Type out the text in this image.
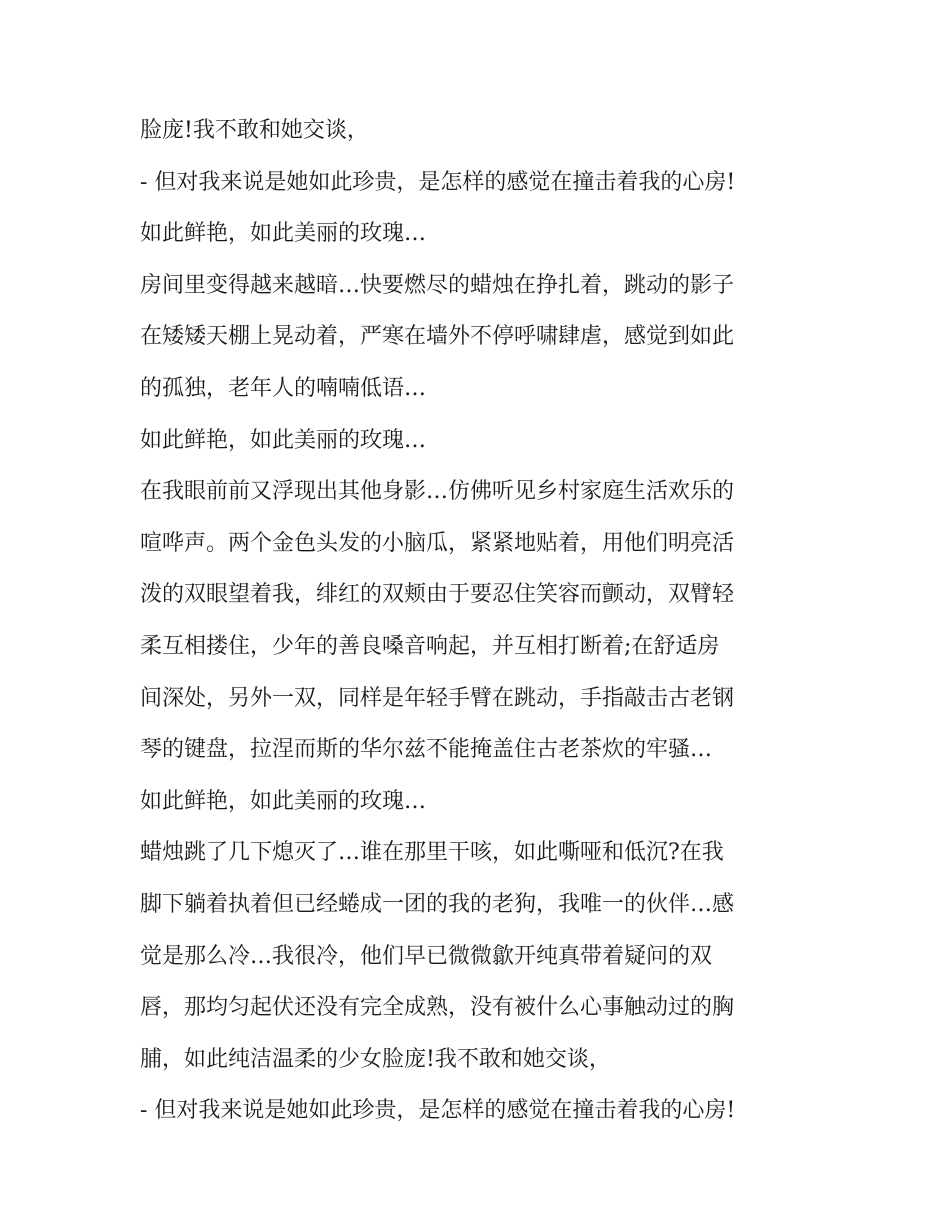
脸庞!我不敢和她交谈，
- 但对我来说是她如此珍贵，是怎样的感觉在撞击着我的心房!
如此鲜艳，如此美丽的玫瑰…
房间里变得越来越暗…快要燃尽的蜡烛在挣扎着，跳动的影子
在矮矮天棚上晃动着，严寒在墙外不停呼啸肆虐，感觉到如此
的孤独，老年人的喃喃低语…
如此鲜艳，如此美丽的玫瑰…
在我眼前前又浮现出其他身影…仿佛听见乡村家庭生活欢乐的
喧哗声。两个金色头发的小脑瓜，紧紧地贴着，用他们明亮活
泼的双眼望着我，绯红的双颊由于要忍住笑容而颤动，双臂轻
柔互相搂住，少年的善良嗓音响起，并互相打断着;在舒适房
间深处，另外一双，同样是年轻手臂在跳动，手指敲击古老钢
琴的键盘，拉涅而斯的华尔兹不能掩盖住古老茶炊的牢骚…
如此鲜艳，如此美丽的玫瑰…
蜡烛跳了几下熄灭了…谁在那里干咳，如此嘶哑和低沉?在我
脚下躺着执着但已经蜷成一团的我的老狗，我唯一的伙伴…感
觉是那么冷…我很冷，他们早已微微歙开纯真带着疑问的双
唇，那均匀起伏还没有完全成熟，没有被什么心事触动过的胸
脯，如此纯洁温柔的少女脸庞!我不敢和她交谈，
- 但对我来说是她如此珍贵，是怎样的感觉在撞击着我的心房!
